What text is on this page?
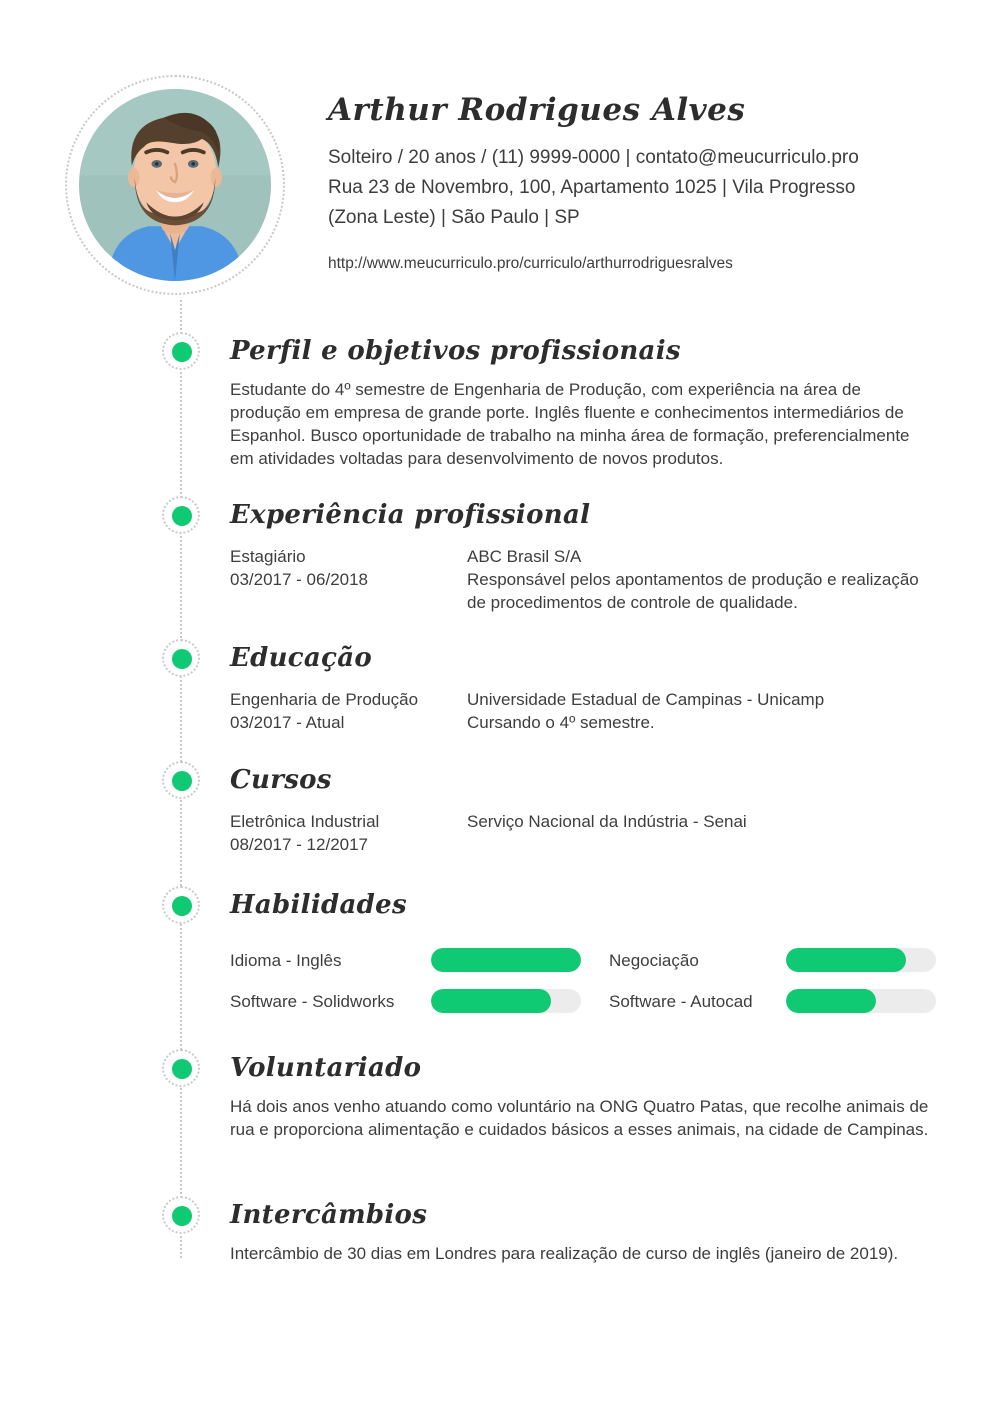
Arthur Rodrigues Alves
Solteiro / 20 anos / (11) 9999-0000 | contato@meucurriculo.pro
Rua 23 de Novembro, 100, Apartamento 1025 | Vila Progresso
(Zona Leste) | São Paulo | SP
http://www.meucurriculo.pro/curriculo/arthurrodriguesralves
Perfil e objetivos profissionais
Estudante do 4º semestre de Engenharia de Produção, com experiência na área de produção em empresa de grande porte. Inglês fluente e conhecimentos intermediários de Espanhol. Busco oportunidade de trabalho na minha área de formação, preferencialmente em atividades voltadas para desenvolvimento de novos produtos.
Experiência profissional
Estagiário
03/2017 - 06/2018
ABC Brasil S/A
Responsável pelos apontamentos de produção e realização de procedimentos de controle de qualidade.
Educação
Engenharia de Produção
03/2017 - Atual
Universidade Estadual de Campinas - Unicamp
Cursando o 4º semestre.
Cursos
Eletrônica Industrial
08/2017 - 12/2017
Serviço Nacional da Indústria - Senai
Habilidades
Idioma - Inglês	Negociação
Software - Solidworks	Software - Autocad
Voluntariado
Há dois anos venho atuando como voluntário na ONG Quatro Patas, que recolhe animais de rua e proporciona alimentação e cuidados básicos a esses animais, na cidade de Campinas.
Intercâmbios
Intercâmbio de 30 dias em Londres para realização de curso de inglês (janeiro de 2019).
